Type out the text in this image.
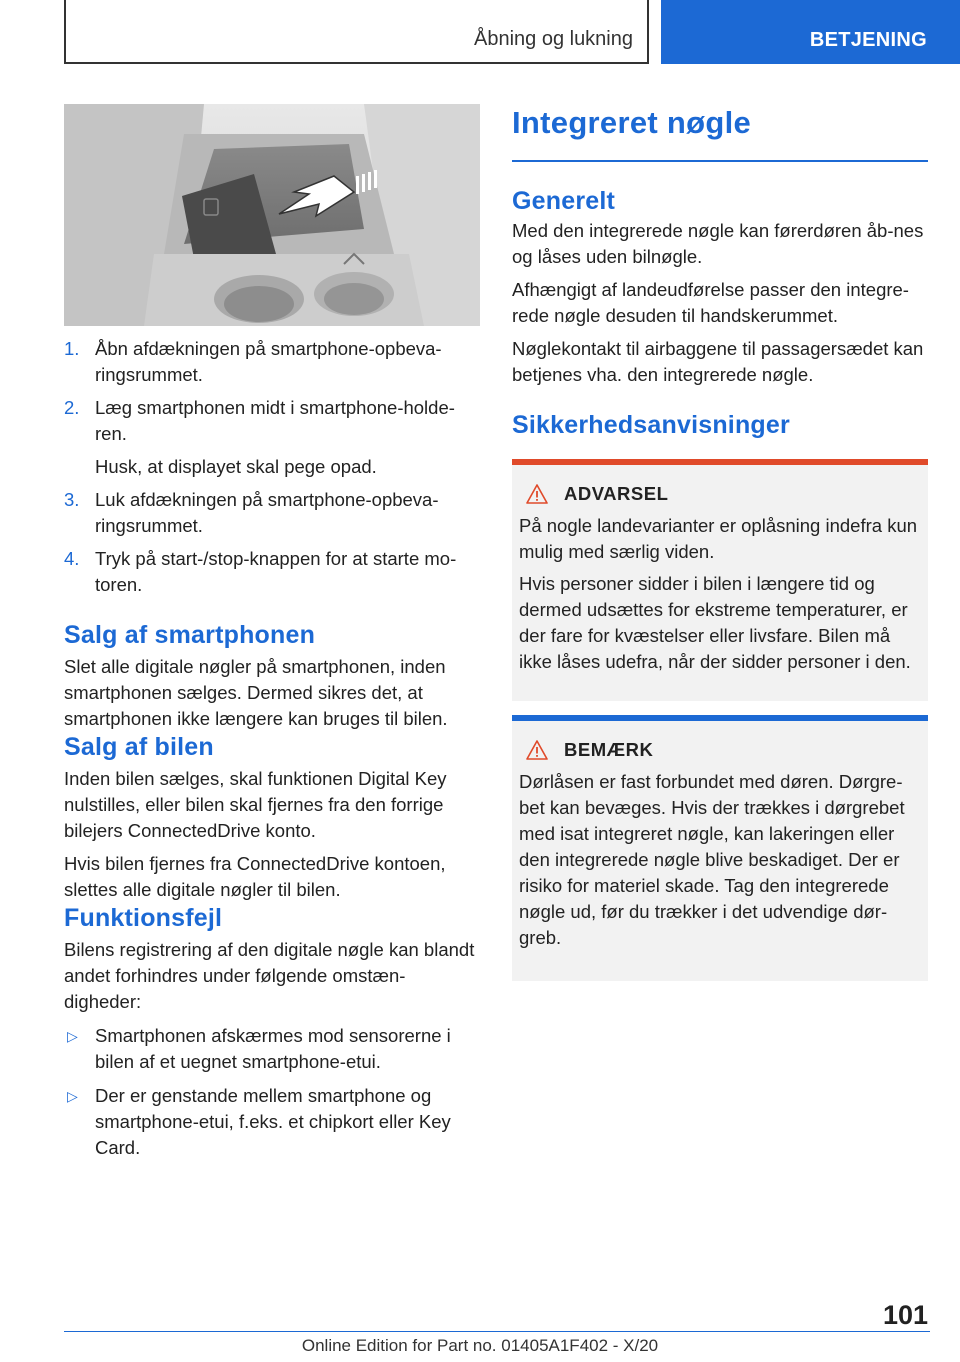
Åbning og lukning	BETJENING
1. Åbn afdækningen på smartphone-opbeva-ringsrummet.
2. Læg smartphonen midt i smartphone-holde-ren.
Husk, at displayet skal pege opad.
3. Luk afdækningen på smartphone-opbeva-ringsrummet.
4. Tryk på start-/stop-knappen for at starte mo-toren.
Salg af smartphonen

Slet alle digitale nøgler på smartphonen, inden smartphonen sælges. Dermed sikres det, at smartphonen ikke længere kan bruges til bilen.

Salg af bilen

Inden bilen sælges, skal funktionen Digital Key nulstilles, eller bilen skal fjernes fra den forrige bilejers ConnectedDrive konto.

Hvis bilen fjernes fra ConnectedDrive kontoen, slettes alle digitale nøgler til bilen.

Funktionsfejl

Bilens registrering af den digitale nøgle kan blandt andet forhindres under følgende omstæn-digheder:

▷ Smartphonen afskærmes mod sensorerne i bilen af et uegnet smartphone-etui.
▷ Der er genstande mellem smartphone og smartphone-etui, f.eks. et chipkort eller Key Card.
Integreret nøgle
Generelt

Med den integrerede nøgle kan førerdøren åb-nes og låses uden bilnøgle.

Afhængigt af landeudførelse passer den integre-rede nøgle desuden til handskerummet.

Nøglekontakt til airbaggene til passagersædet kan betjenes vha. den integrerede nøgle.

Sikkerhedsanvisninger
ADVARSEL

På nogle landevarianter er oplåsning indefra kun mulig med særlig viden.

Hvis personer sidder i bilen i længere tid og dermed udsættes for ekstreme temperaturer, er der fare for kvæstelser eller livsfare. Bilen må ikke låses udefra, når der sidder personer i den.

BEMÆRK

Dørlåsen er fast forbundet med døren. Dørgre-bet kan bevæges. Hvis der trækkes i dørgrebet med isat integreret nøgle, kan lakeringen eller den integrerede nøgle blive beskadiget. Der er risiko for materiel skade. Tag den integrerede nøgle ud, før du trækker i det udvendige dør-greb.

101
Online Edition for Part no. 01405A1F402 - X/20
